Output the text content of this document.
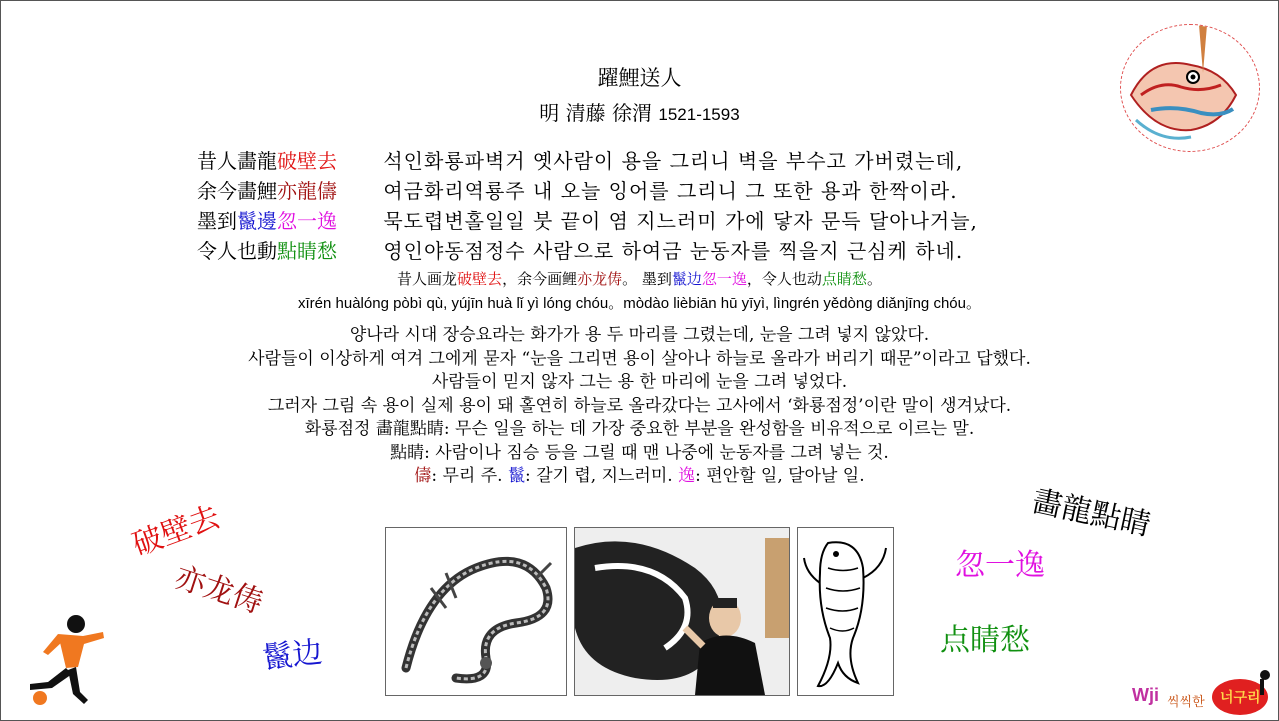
躍鯉送人
明 清藤 徐渭 1521-1593
昔人畵龍破壁去 석인화룡파벽거 옛사람이 용을 그리니 벽을 부수고 가버렸는데,
余今畵鯉亦龍儔 여금화리역룡주 내 오늘 잉어를 그리니 그 또한 용과 한짝이라.
墨到鬣邊忽一逸 묵도렵변홀일일 붓 끝이 염 지느러미 가에 닿자 문득 달아나거늘,
令人也動點睛愁 영인야동점정수 사람으로 하여금 눈동자를 찍을지 근심케 하네.
昔人画龙破壁去，余今画鲤亦龙俦。 墨到鬣边忽一逸，令人也动点睛愁。
xīrén huàlóng pòbì qù, yújīn huà lǐ yì lóng chóu。mòdào lièbiān hū yīyì, lìngrén yědòng diǎnjīng chóu。
양나라 시대 장승요라는 화가가 용 두 마리를 그렸는데, 눈을 그려 넣지 않았다.
사람들이 이상하게 여겨 그에게 묻자 “눈을 그리면 용이 살아나 하늘로 올라가 버리기 때문”이라고 답했다.
사람들이 믿지 않자 그는 용 한 마리에 눈을 그려 넣었다.
그러자 그림 속 용이 실제 용이 돼 홀연히 하늘로 올라갔다는 고사에서 ‘화룡점정’이란 말이 생겨났다.
화룡점정 畵龍點睛: 무슨 일을 하는 데 가장 중요한 부분을 완성함을 비유적으로 이르는 말.
點睛: 사람이나 짐승 등을 그릴 때 맨 나중에 눈동자를 그려 넣는 것.
儔: 무리 주. 鬣: 갈기 렵, 지느러미. 逸: 편안할 일, 달아날 일.
破壁去
亦龙俦
鬣边
畵龍點睛
忽一逸
点睛愁
Wji 씩씩한 너구리
